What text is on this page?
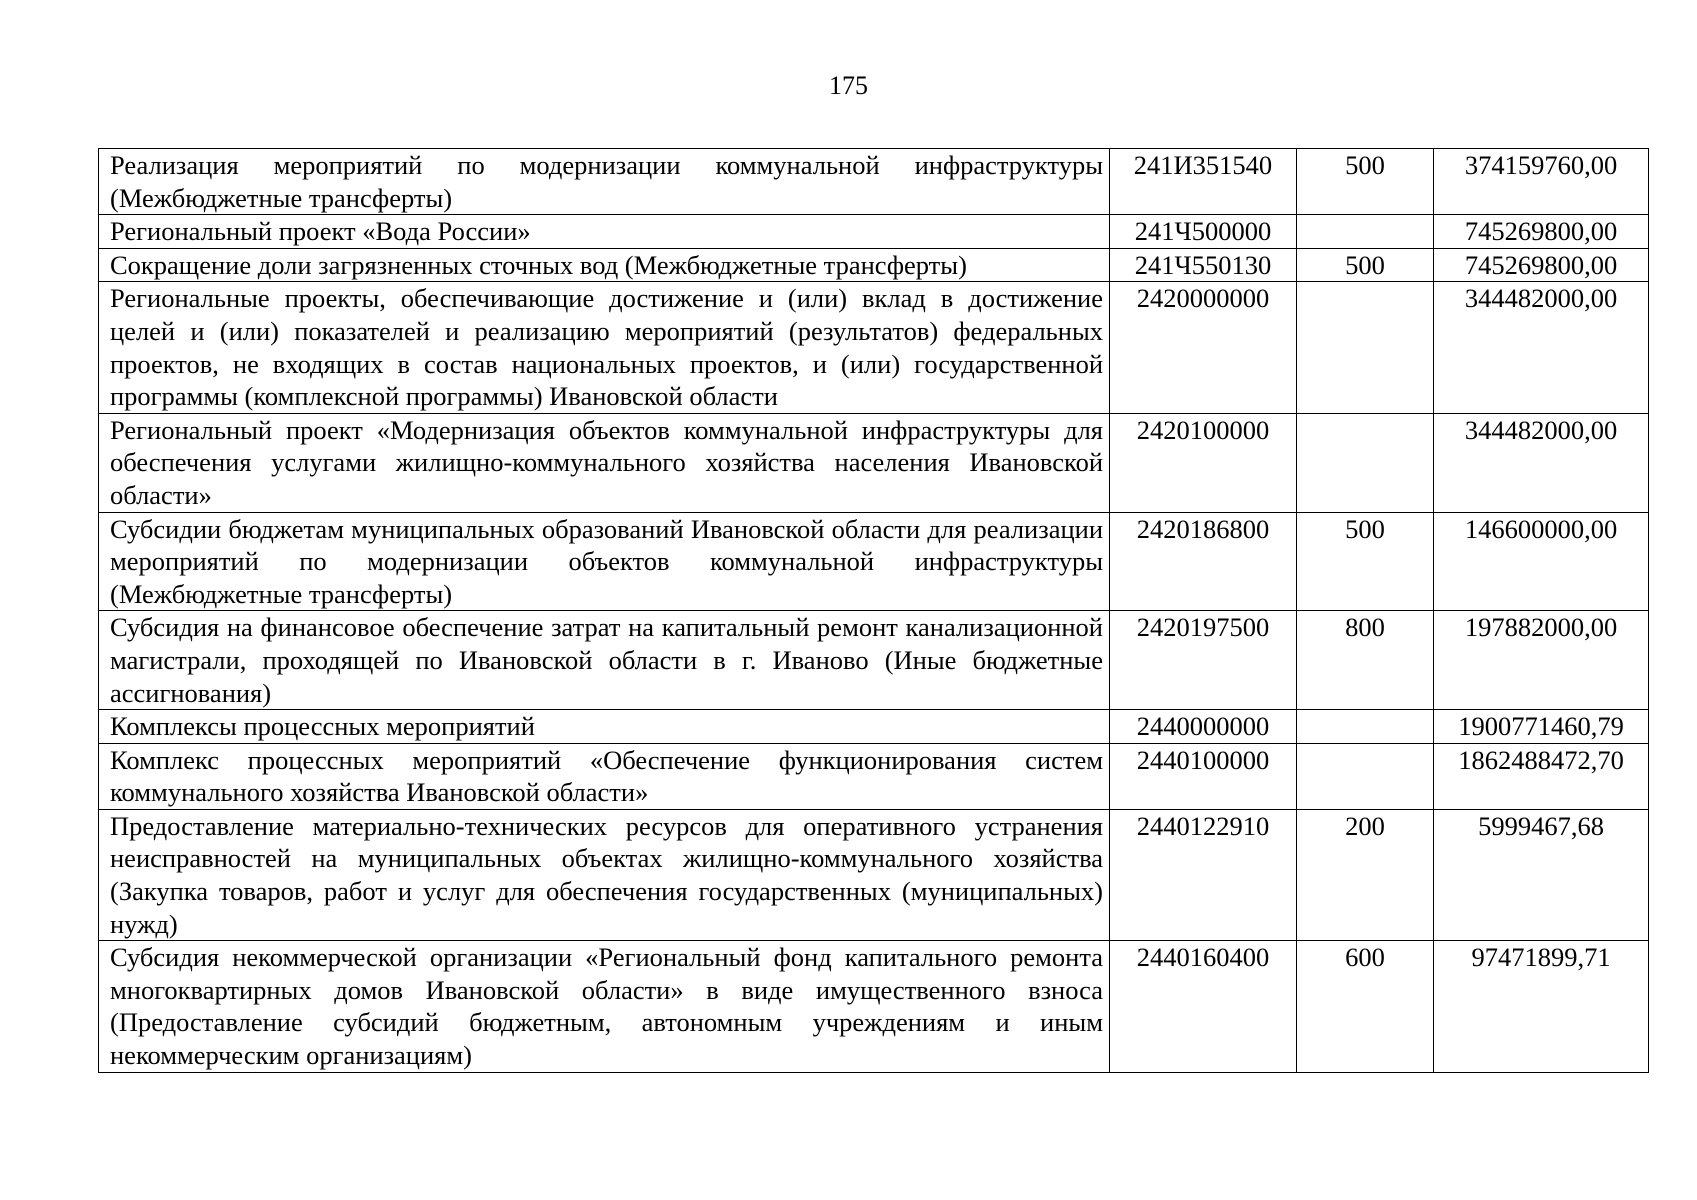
175
Реализация мероприятий по модернизации коммунальной инфраструктуры (Межбюджетные трансферты)	241И351540	500	374159760,00
Региональный проект «Вода России»	241Ч500000		745269800,00
Сокращение доли загрязненных сточных вод (Межбюджетные трансферты)	241Ч550130	500	745269800,00
Региональные проекты, обеспечивающие достижение и (или) вклад в достижение целей и (или) показателей и реализацию мероприятий (результатов) федеральных проектов, не входящих в состав национальных проектов, и (или) государственной программы (комплексной программы) Ивановской области	2420000000		344482000,00
Региональный проект «Модернизация объектов коммунальной инфраструктуры для обеспечения услугами жилищно-коммунального хозяйства населения Ивановской области»	2420100000		344482000,00
Субсидии бюджетам муниципальных образований Ивановской области для реализации мероприятий по модернизации объектов коммунальной инфраструктуры (Межбюджетные трансферты)	2420186800	500	146600000,00
Субсидия на финансовое обеспечение затрат на капитальный ремонт канализационной магистрали, проходящей по Ивановской области в г. Иваново (Иные бюджетные ассигнования)	2420197500	800	197882000,00
Комплексы процессных мероприятий	2440000000		1900771460,79
Комплекс процессных мероприятий «Обеспечение функционирования систем коммунального хозяйства Ивановской области»	2440100000		1862488472,70
Предоставление материально-технических ресурсов для оперативного устранения неисправностей на муниципальных объектах жилищно-коммунального хозяйства (Закупка товаров, работ и услуг для обеспечения государственных (муниципальных) нужд)	2440122910	200	5999467,68
Субсидия некоммерческой организации «Региональный фонд капитального ремонта многоквартирных домов Ивановской области» в виде имущественного взноса (Предоставление субсидий бюджетным, автономным учреждениям и иным некоммерческим организациям)	2440160400	600	97471899,71
